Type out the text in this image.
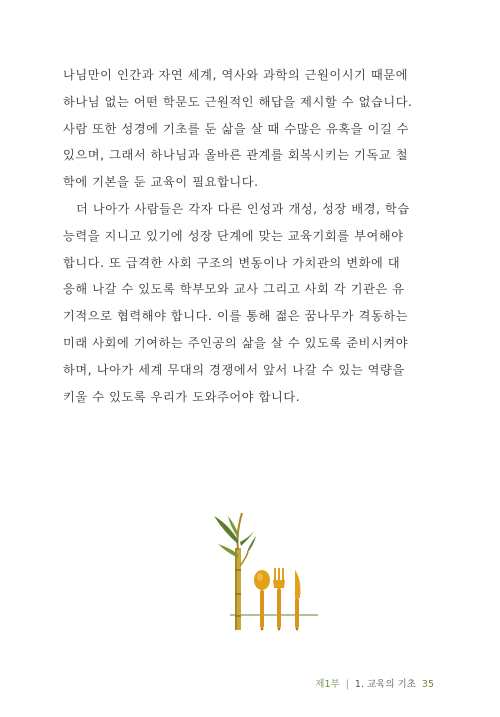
나님만이 인간과 자연 세계, 역사와 과학의 근원이시기 때문에

하나님 없는 어떤 학문도 근원적인 해답을 제시할 수 없습니다.

사람 또한 성경에 기초를 둔 삶을 살 때 수많은 유혹을 이길 수

있으며, 그래서 하나님과 올바른 관계를 회복시키는 기독교 철

학에 기본을 둔 교육이 필요합니다.

더 나아가 사람들은 각자 다른 인성과 개성, 성장 배경, 학습

능력을 지니고 있기에 성장 단계에 맞는 교육기회를 부여해야

합니다. 또 급격한 사회 구조의 변동이나 가치관의 변화에 대

응해 나갈 수 있도록 학부모와 교사 그리고 사회 각 기관은 유

기적으로 협력해야 합니다. 이를 통해 젊은 꿈나무가 격동하는

미래 사회에 기여하는 주인공의 삶을 살 수 있도록 준비시켜야

하며, 나아가 세계 무대의 경쟁에서 앞서 나갈 수 있는 역량을

키울 수 있도록 우리가 도와주어야 합니다.

제1부 | 1. 교육의 기초 35
